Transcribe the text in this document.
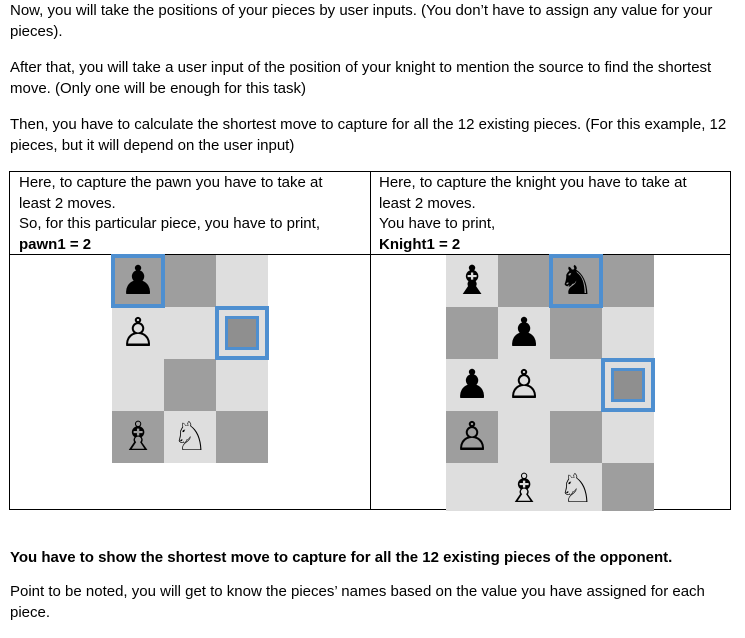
Now, you will take the positions of your pieces by user inputs. (You don’t have to assign any value for your pieces).

After that, you will take a user input of the position of your knight to mention the source to find the shortest move. (Only one will be enough for this task)

Then, you have to calculate the shortest move to capture for all the 12 existing pieces. (For this example, 12 pieces, but it will depend on the user input)

Here, to capture the pawn you have to take at
least 2 moves.
So, for this particular piece, you have to print,
pawn1 = 2
Here, to capture the knight you have to take at
least 2 moves.
You have to print,
Knight1 = 2
♟
♙
♗ ♘
♝ ♞
♟
♟ ♙
♙
♗ ♘

You have to show the shortest move to capture for all the 12 existing pieces of the opponent.

Point to be noted, you will get to know the pieces’ names based on the value you have assigned for each piece.
